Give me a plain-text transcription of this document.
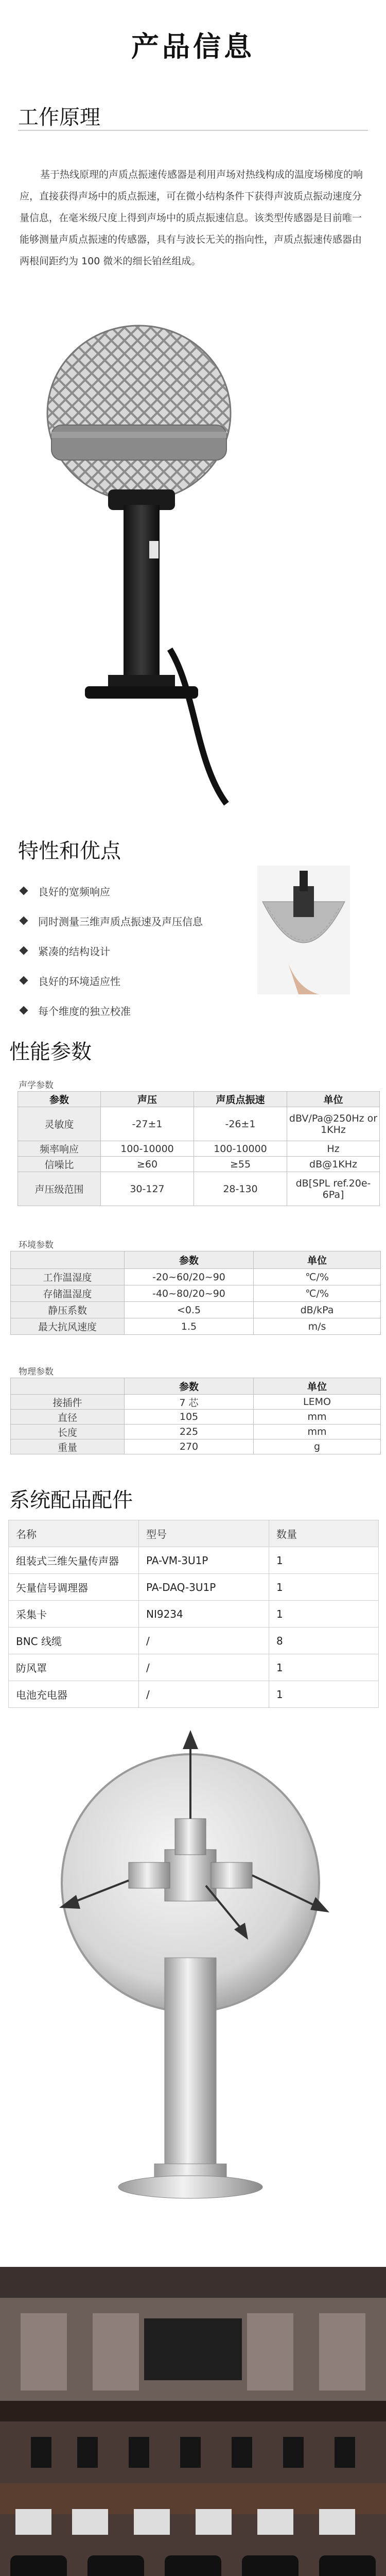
产品信息
工作原理
基于热线原理的声质点振速传感器是利用声场对热线构成的温度场梯度的响应，直接获得声场中的质点振速，可在微小结构条件下获得声波质点振动速度分量信息，在毫米级尺度上得到声场中的质点振速信息。该类型传感器是目前唯一能够测量声质点振速的传感器，具有与波长无关的指向性，声质点振速传感器由两根间距约为 100 微米的细长铂丝组成。
特性和优点
良好的宽频响应
同时测量三维声质点振速及声压信息
紧凑的结构设计
良好的环境适应性
每个维度的独立校准
性能参数
声学参数
参数	声压	声质点振速	单位
灵敏度	-27±1	-26±1	dBV/Pa@250Hz or 1KHz
频率响应	100-10000	100-10000	Hz
信噪比	≥60	≥55	dB@1KHz
声压级范围	30-127	28-130	dB[SPL ref.20e-6Pa]
环境参数
	参数	单位
工作温湿度	-20~60/20~90	℃/%
存储温湿度	-40~80/20~90	℃/%
静压系数	<0.5	dB/kPa
最大抗风速度	1.5	m/s
物理参数
	参数	单位
接插件	7 芯	LEMO
直径	105	mm
长度	225	mm
重量	270	g
系统配品配件
名称	型号	数量
组装式三维矢量传声器	PA-VM-3U1P	1
矢量信号调理器	PA-DAQ-3U1P	1
采集卡	NI9234	1
BNC 线缆	/	8
防风罩	/	1
电池充电器	/	1
